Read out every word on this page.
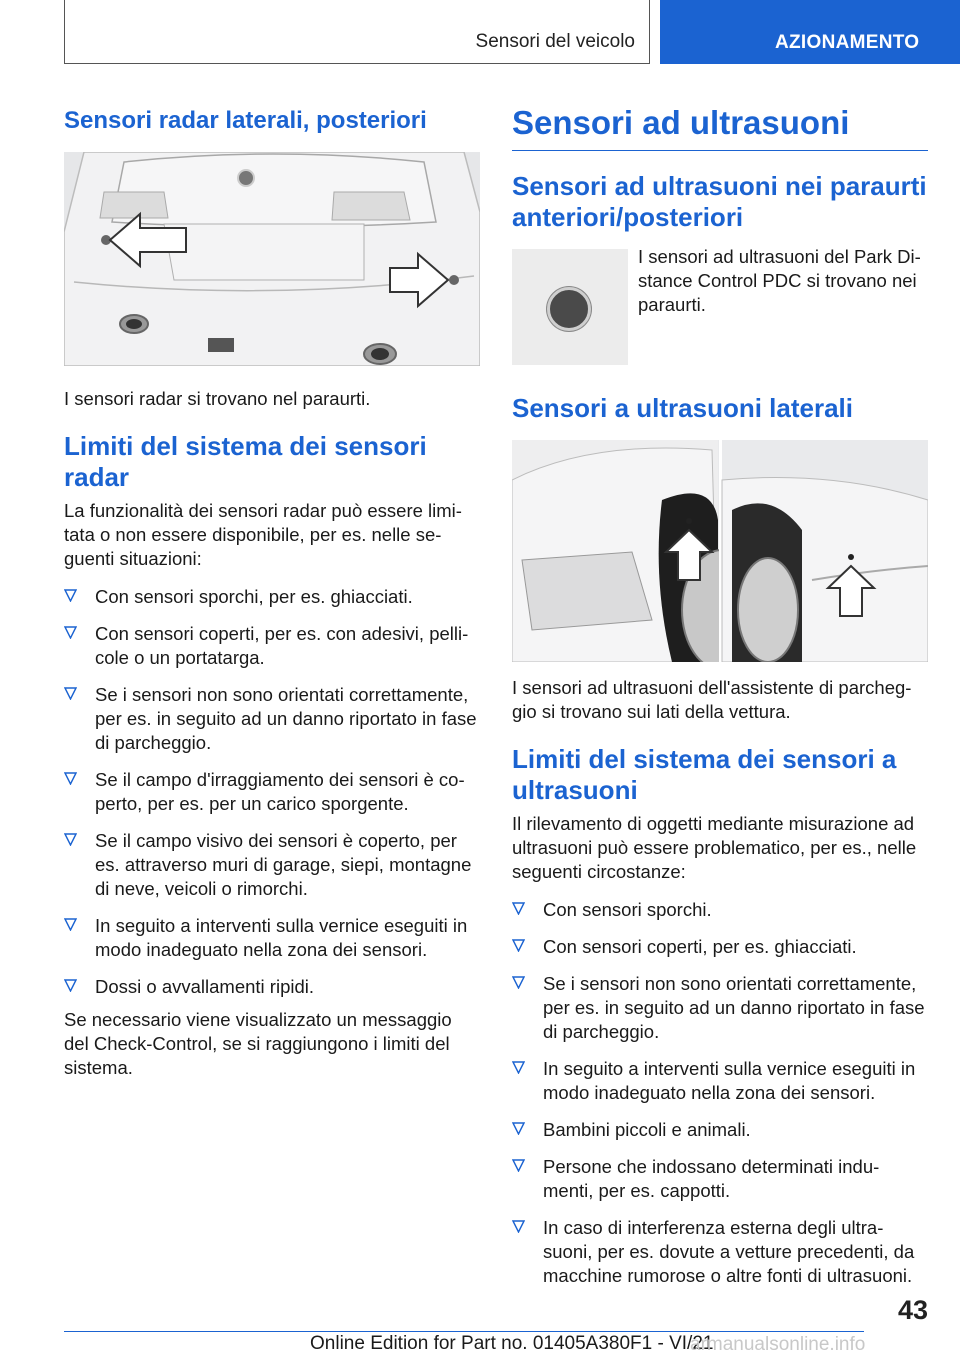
Sensori del veicolo	AZIONAMENTO
Sensori radar laterali, posteriori

I sensori radar si trovano nel paraurti.

Limiti del sistema dei sensori radar

La funzionalità dei sensori radar può essere limi-tata o non essere disponibile, per es. nelle se-guenti situazioni:

Con sensori sporchi, per es. ghiacciati.
Con sensori coperti, per es. con adesivi, pelli-cole o un portatarga.
Se i sensori non sono orientati correttamente, per es. in seguito ad un danno riportato in fase di parcheggio.
Se il campo d'irraggiamento dei sensori è co-perto, per es. per un carico sporgente.
Se il campo visivo dei sensori è coperto, per es. attraverso muri di garage, siepi, montagne di neve, veicoli o rimorchi.
In seguito a interventi sulla vernice eseguiti in modo inadeguato nella zona dei sensori.
Dossi o avvallamenti ripidi.

Se necessario viene visualizzato un messaggio del Check-Control, se si raggiungono i limiti del sistema.

Sensori ad ultrasuoni
Sensori ad ultrasuoni nei paraurti anteriori/posteriori

I sensori ad ultrasuoni del Park Di-stance Control PDC si trovano nei paraurti.

Sensori a ultrasuoni laterali

I sensori ad ultrasuoni dell'assistente di parcheg-gio si trovano sui lati della vettura.

Limiti del sistema dei sensori a ultrasuoni

Il rilevamento di oggetti mediante misurazione ad ultrasuoni può essere problematico, per es., nelle seguenti circostanze:

Con sensori sporchi.
Con sensori coperti, per es. ghiacciati.
Se i sensori non sono orientati correttamente, per es. in seguito ad un danno riportato in fase di parcheggio.
In seguito a interventi sulla vernice eseguiti in modo inadeguato nella zona dei sensori.
Bambini piccoli e animali.
Persone che indossano determinati indu-menti, per es. cappotti.
In caso di interferenza esterna degli ultra-suoni, per es. dovute a vetture precedenti, da macchine rumorose o altre fonti di ultrasuoni.
43
Online Edition for Part no. 01405A380F1 - VI/21
armanualsonline.info
